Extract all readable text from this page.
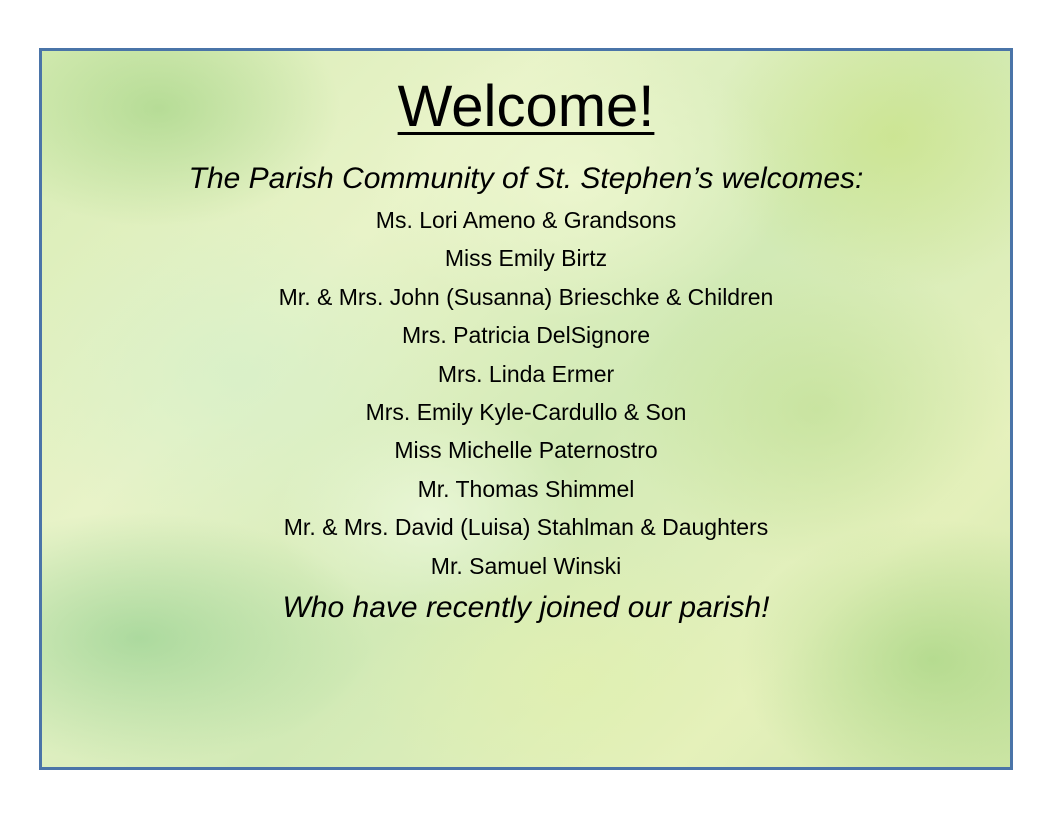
Welcome!

The Parish Community of St. Stephen’s welcomes:

Ms. Lori Ameno & Grandsons
Miss Emily Birtz
Mr. & Mrs. John (Susanna) Brieschke & Children
Mrs. Patricia DelSignore
Mrs. Linda Ermer
Mrs. Emily Kyle-Cardullo & Son
Miss Michelle Paternostro
Mr. Thomas Shimmel
Mr. & Mrs. David (Luisa) Stahlman & Daughters
Mr. Samuel Winski

Who have recently joined our parish!
